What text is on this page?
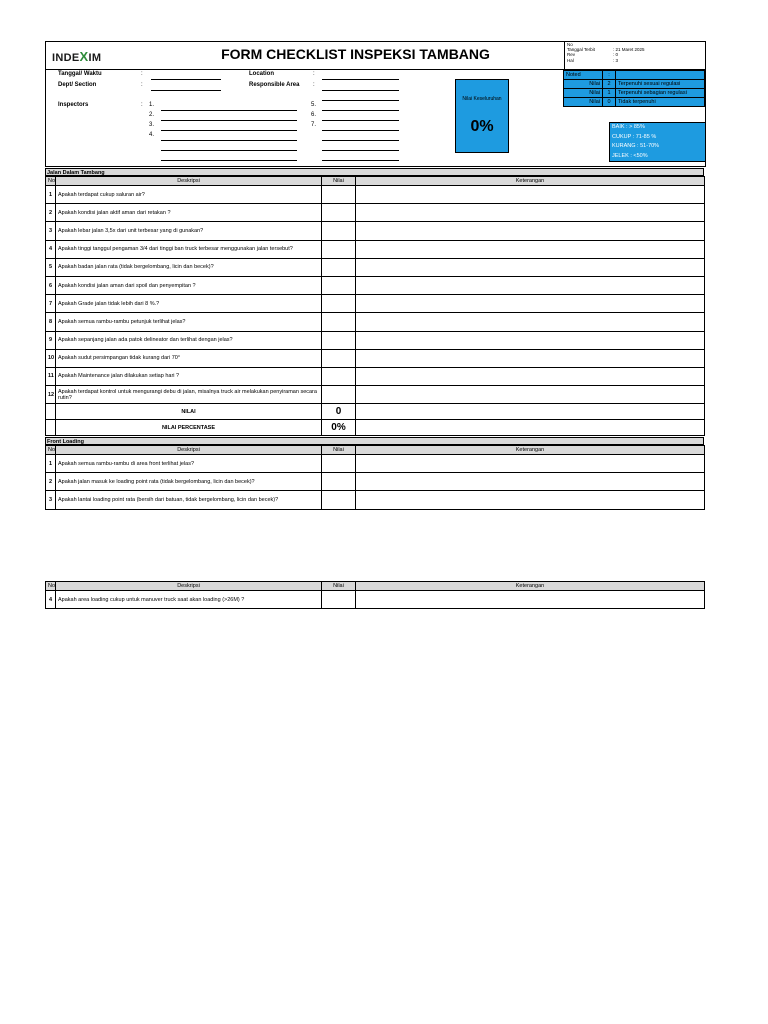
INDEXIM	FORM CHECKLIST INSPEKSI TAMBANG
No
Tanggal Terbit	: 21 Maret 2025
Rev	: 0
Hal	: 3
Tanggal/ Waktu	:
Dept/ Section	:
Inspectors	:	1.
2.
3.
4.
Location	:
Responsible Area :
5.
6.
7.
Nilai Keseluruhan
0%
Noted	:	
Nilai	2	Terpenuhi sesuai regulasi
Nilai	1	Terpenuhi sebagian regulasi
Nilai	0	Tidak terpenuhi
BAIK : > 85%
CUKUP : 71-85 %
KURANG : 51-70%
JELEK : <50%
Jalan Dalam Tambang
No	Deskripsi	Nilai	Keterangan
1	Apakah terdapat cukup saluran air?		
2	Apakah kondisi jalan aktif aman dari retakan ?		
3	Apakah lebar jalan 3,5x dari unit terbesar yang di gunakan?		
4	Apakah tinggi tanggul pengaman 3/4 dari tinggi ban truck terbesar menggunakan jalan tersebut?		
5	Apakah badan jalan rata (tidak bergelombang, licin dan becek)?		
6	Apakah kondisi jalan aman dari spoil dan penyempitan ?		
7	Apakah Grade jalan tidak lebih dari 8 %.?		
8	Apakah semua rambu-rambu petunjuk terlihat jelas?		
9	Apakah sepanjang jalan ada patok delineator dan terlihat dengan jelas?		
10	Apakah sudut persimpangan tidak kurang dari 70°		
11	Apakah Maintenance jalan dilakukan setiap hari ?		
12	Apakah terdapat kontrol untuk mengurangi debu di jalan, misalnya truck air melakukan penyiraman secara rutin?		
	NILAI	0	
	NILAI PERCENTASE	0%	
Front Loading
No	Deskripsi	Nilai	Keterangan
1	Apakah semua rambu-rambu di area front terlihat jelas?		
2	Apakah jalan masuk ke loading point rata (tidak bergelombang, licin dan becek)?		
3	Apakah lantai loading point rata (bersih dari batuan, tidak bergelombang, licin dan becek)?		
No	Deskripsi	Nilai	Keterangan
4	Apakah area loading cukup untuk manuver truck saat akan loading (>26M) ?		
